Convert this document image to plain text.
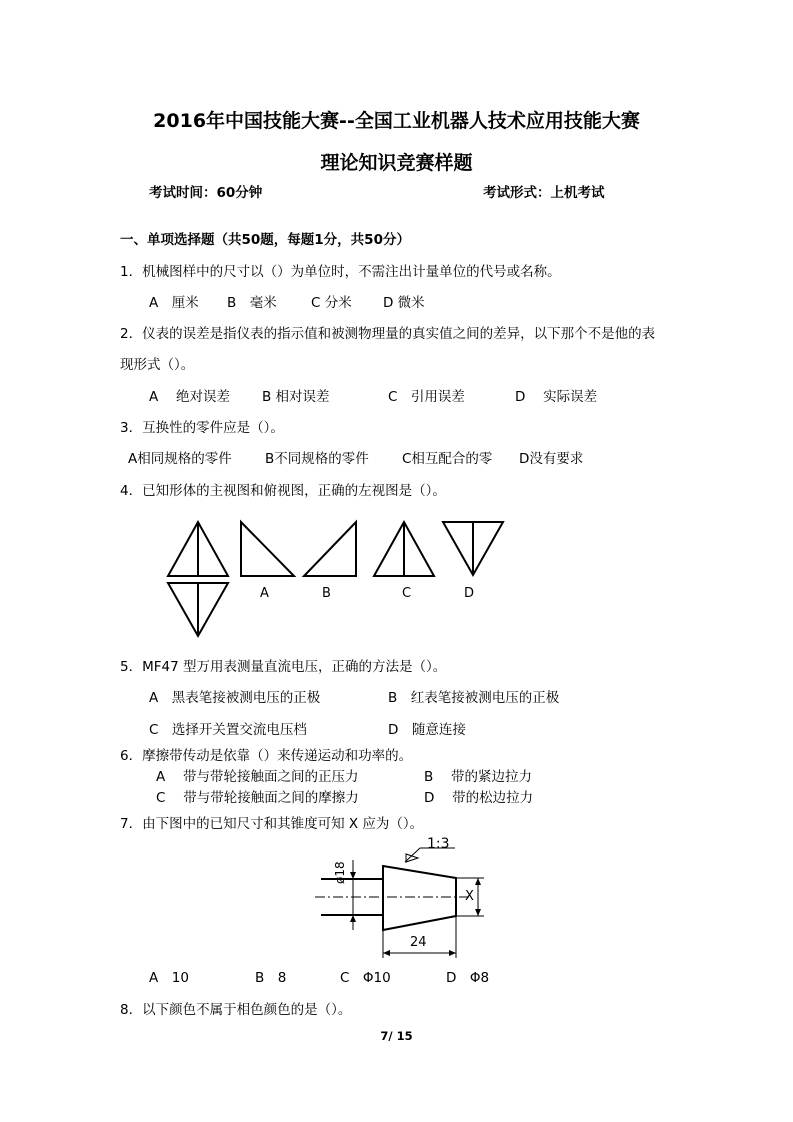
2016年中国技能大赛--全国工业机器人技术应用技能大赛
理论知识竞赛样题
考试时间：60分钟	考试形式：上机考试
一、单项选择题（共50题，每题1分，共50分）
1．机械图样中的尺寸以（）为单位时，不需注出计量单位的代号或名称。
A　厘米 B　毫米	C 分米 D 微米
2．仪表的误差是指仪表的指示值和被测物理量的真实值之间的差异，以下那个不是他的表
现形式（）。
A　 绝对误差 B 相对误差	C　引用误差	D　 实际误差
3．互换性的零件应是（）。
A相同规格的零件 B不同规格的零件 C相互配合的零 D没有要求
4．已知形体的主视图和俯视图，正确的左视图是（）。
A	B	C	D
5．MF47 型万用表测量直流电压，正确的方法是（）。
A　黑表笔接被测电压的正极	B　红表笔接被测电压的正极
C　选择开关置交流电压档	D　随意连接
6．摩擦带传动是依靠（）来传递运动和功率的。
A　 带与带轮接触面之间的正压力	B　 带的紧边拉力
C　 带与带轮接触面之间的摩擦力	D　 带的松边拉力
7．由下图中的已知尺寸和其锥度可知 X 应为（）。
1:3
ø18
X
24
A　10	B　8	C　Φ10	D　Φ8
8．以下颜色不属于相色颜色的是（）。
7/ 15
